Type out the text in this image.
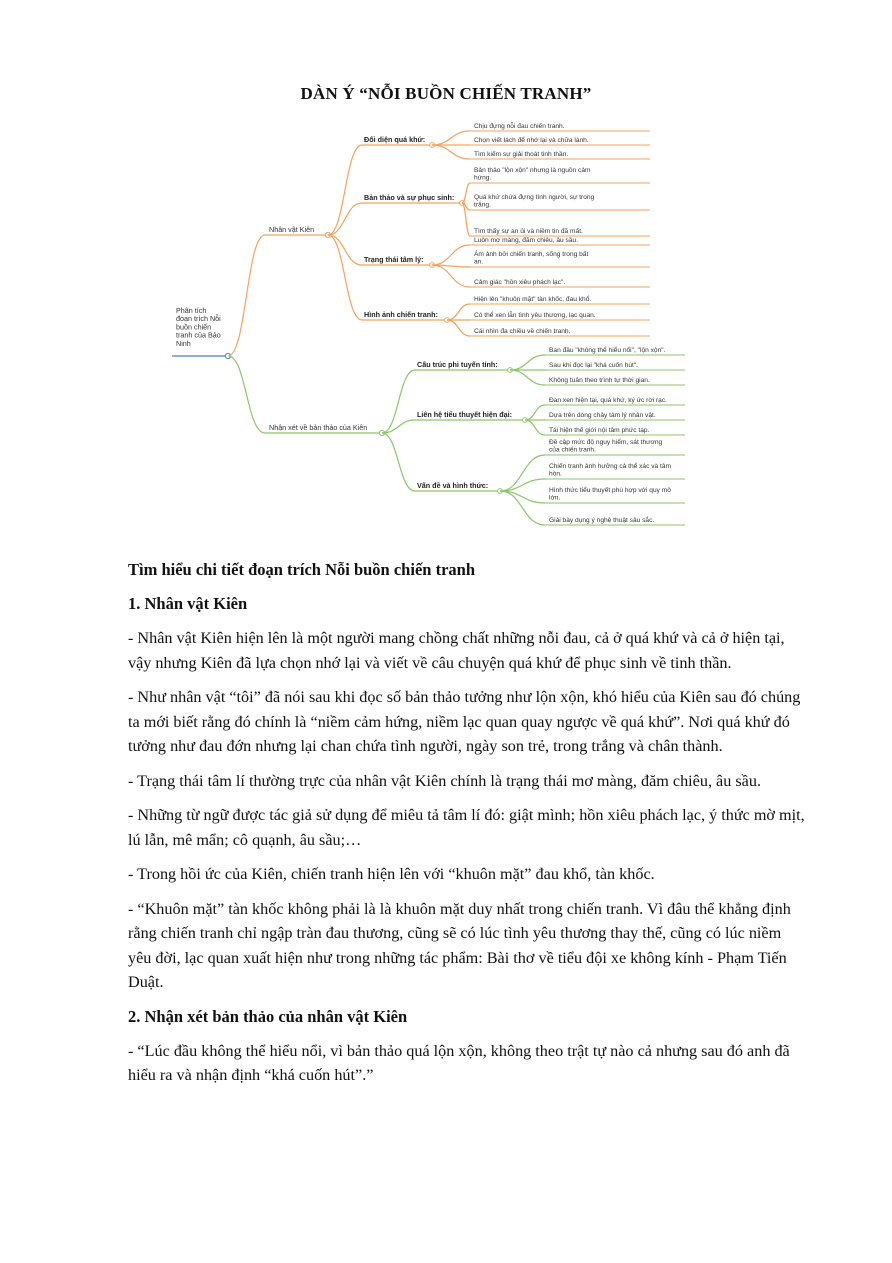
DÀN Ý “NỖI BUỒN CHIẾN TRANH”
Phân tích đoạn trích Nỗi buồn chiến tranh của Bảo Ninh
Nhân vật Kiên
Đối diện quá khứ:
Chịu đựng nỗi đau chiến tranh.
Chọn viết lách để nhớ lại và chữa lành.
Tìm kiếm sự giải thoát tinh thần.
Bản thảo và sự phục sinh:
Bản thảo "lộn xộn" nhưng là nguồn cảm hứng.
Quá khứ chứa đựng tình người, sự trong trắng.
Tìm thấy sự an ủi và niềm tin đã mất.
Trạng thái tâm lý:
Luôn mơ màng, đăm chiêu, âu sầu.
Ám ảnh bởi chiến tranh, sống trong bất an.
Cảm giác "hồn xiêu phách lạc".
Hình ảnh chiến tranh:
Hiện lên "khuôn mặt" tàn khốc, đau khổ.
Có thể xen lẫn tình yêu thương, lạc quan.
Cái nhìn đa chiều về chiến tranh.
Nhận xét về bản thảo của Kiên
Cấu trúc phi tuyến tính:
Ban đầu "không thể hiểu nổi", "lộn xộn".
Sau khi đọc lại "khá cuốn hút".
Không tuân theo trình tự thời gian.
Liên hệ tiểu thuyết hiện đại:
Đan xen hiện tại, quá khứ, ký ức rời rạc.
Dựa trên dòng chảy tâm lý nhân vật.
Tái hiện thế giới nội tâm phức tạp.
Vấn đề và hình thức:
Đề cập mức độ nguy hiểm, sát thương của chiến tranh.
Chiến tranh ảnh hưởng cả thể xác và tâm hồn.
Hình thức tiểu thuyết phù hợp với quy mô lớn.
Giải bày dụng ý nghệ thuật sâu sắc.
Tìm hiểu chi tiết đoạn trích Nỗi buồn chiến tranh
1. Nhân vật Kiên

- Nhân vật Kiên hiện lên là một người mang chồng chất những nỗi đau, cả ở quá khứ và cả ở hiện tại, vậy nhưng Kiên đã lựa chọn nhớ lại và viết về câu chuyện quá khứ để phục sinh về tinh thần.

- Như nhân vật “tôi” đã nói sau khi đọc số bản thảo tưởng như lộn xộn, khó hiểu của Kiên sau đó chúng ta mới biết rằng đó chính là “niềm cảm hứng, niềm lạc quan quay ngược về quá khứ”. Nơi quá khứ đó tưởng như đau đớn nhưng lại chan chứa tình người, ngày son trẻ, trong trắng và chân thành.

- Trạng thái tâm lí thường trực của nhân vật Kiên chính là trạng thái mơ màng, đăm chiêu, âu sầu.

- Những từ ngữ được tác giả sử dụng để miêu tả tâm lí đó: giật mình; hồn xiêu phách lạc, ý thức mờ mịt, lú lẫn, mê mẩn; cô quạnh, âu sầu;…

- Trong hồi ức của Kiên, chiến tranh hiện lên với “khuôn mặt” đau khổ, tàn khốc.

- “Khuôn mặt” tàn khốc không phải là là khuôn mặt duy nhất trong chiến tranh. Vì đâu thể khẳng định rằng chiến tranh chỉ ngập tràn đau thương, cũng sẽ có lúc tình yêu thương thay thế, cũng có lúc niềm yêu đời, lạc quan xuất hiện như trong những tác phẩm: Bài thơ về tiểu đội xe không kính - Phạm Tiến Duật.

2. Nhận xét bản thảo của nhân vật Kiên

- “Lúc đầu không thể hiểu nổi, vì bản thảo quá lộn xộn, không theo trật tự nào cả nhưng sau đó anh đã hiểu ra và nhận định “khá cuốn hút”.”
